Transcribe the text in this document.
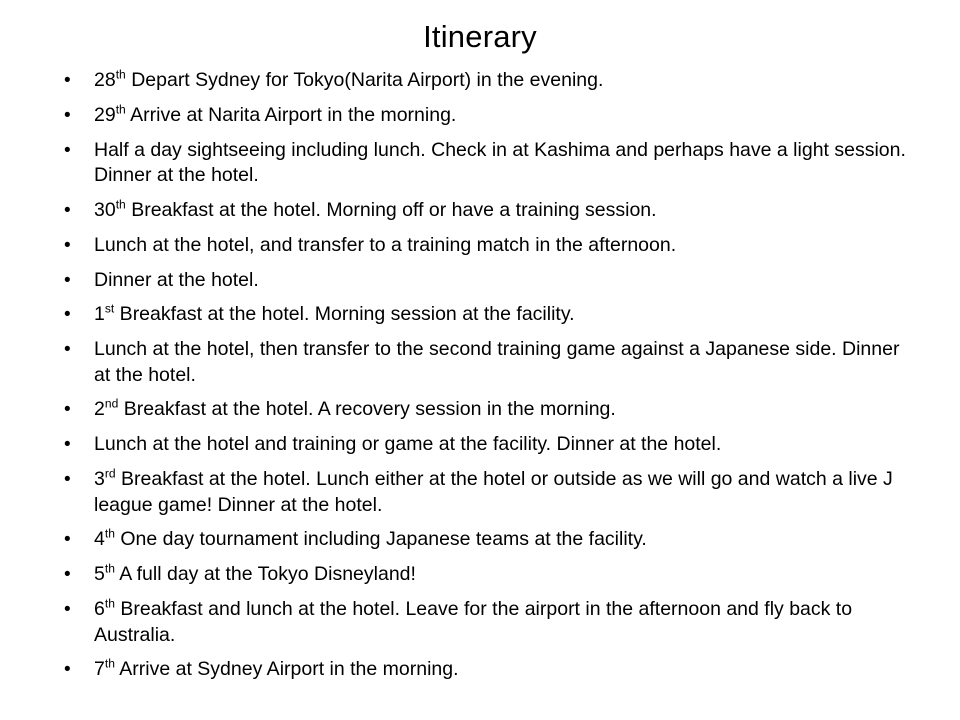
Itinerary
• 28th Depart Sydney for Tokyo(Narita Airport) in the evening.
• 29th Arrive at Narita Airport in the morning.
• Half a day sightseeing including lunch. Check in at Kashima and perhaps have a light session. Dinner at the hotel.
• 30th Breakfast at the hotel. Morning off or have a training session.
• Lunch at the hotel, and transfer to a training match in the afternoon.
• Dinner at the hotel.
• 1st Breakfast at the hotel. Morning session at the facility.
• Lunch at the hotel, then transfer to the second training game against a Japanese side. Dinner at the hotel.
• 2nd Breakfast at the hotel. A recovery session in the morning.
• Lunch at the hotel and training or game at the facility. Dinner at the hotel.
• 3rd Breakfast at the hotel. Lunch either at the hotel or outside as we will go and watch a live J league game! Dinner at the hotel.
• 4th One day tournament including Japanese teams at the facility.
• 5th A full day at the Tokyo Disneyland!
• 6th Breakfast and lunch at the hotel. Leave for the airport in the afternoon and fly back to Australia.
• 7th Arrive at Sydney Airport in the morning.
